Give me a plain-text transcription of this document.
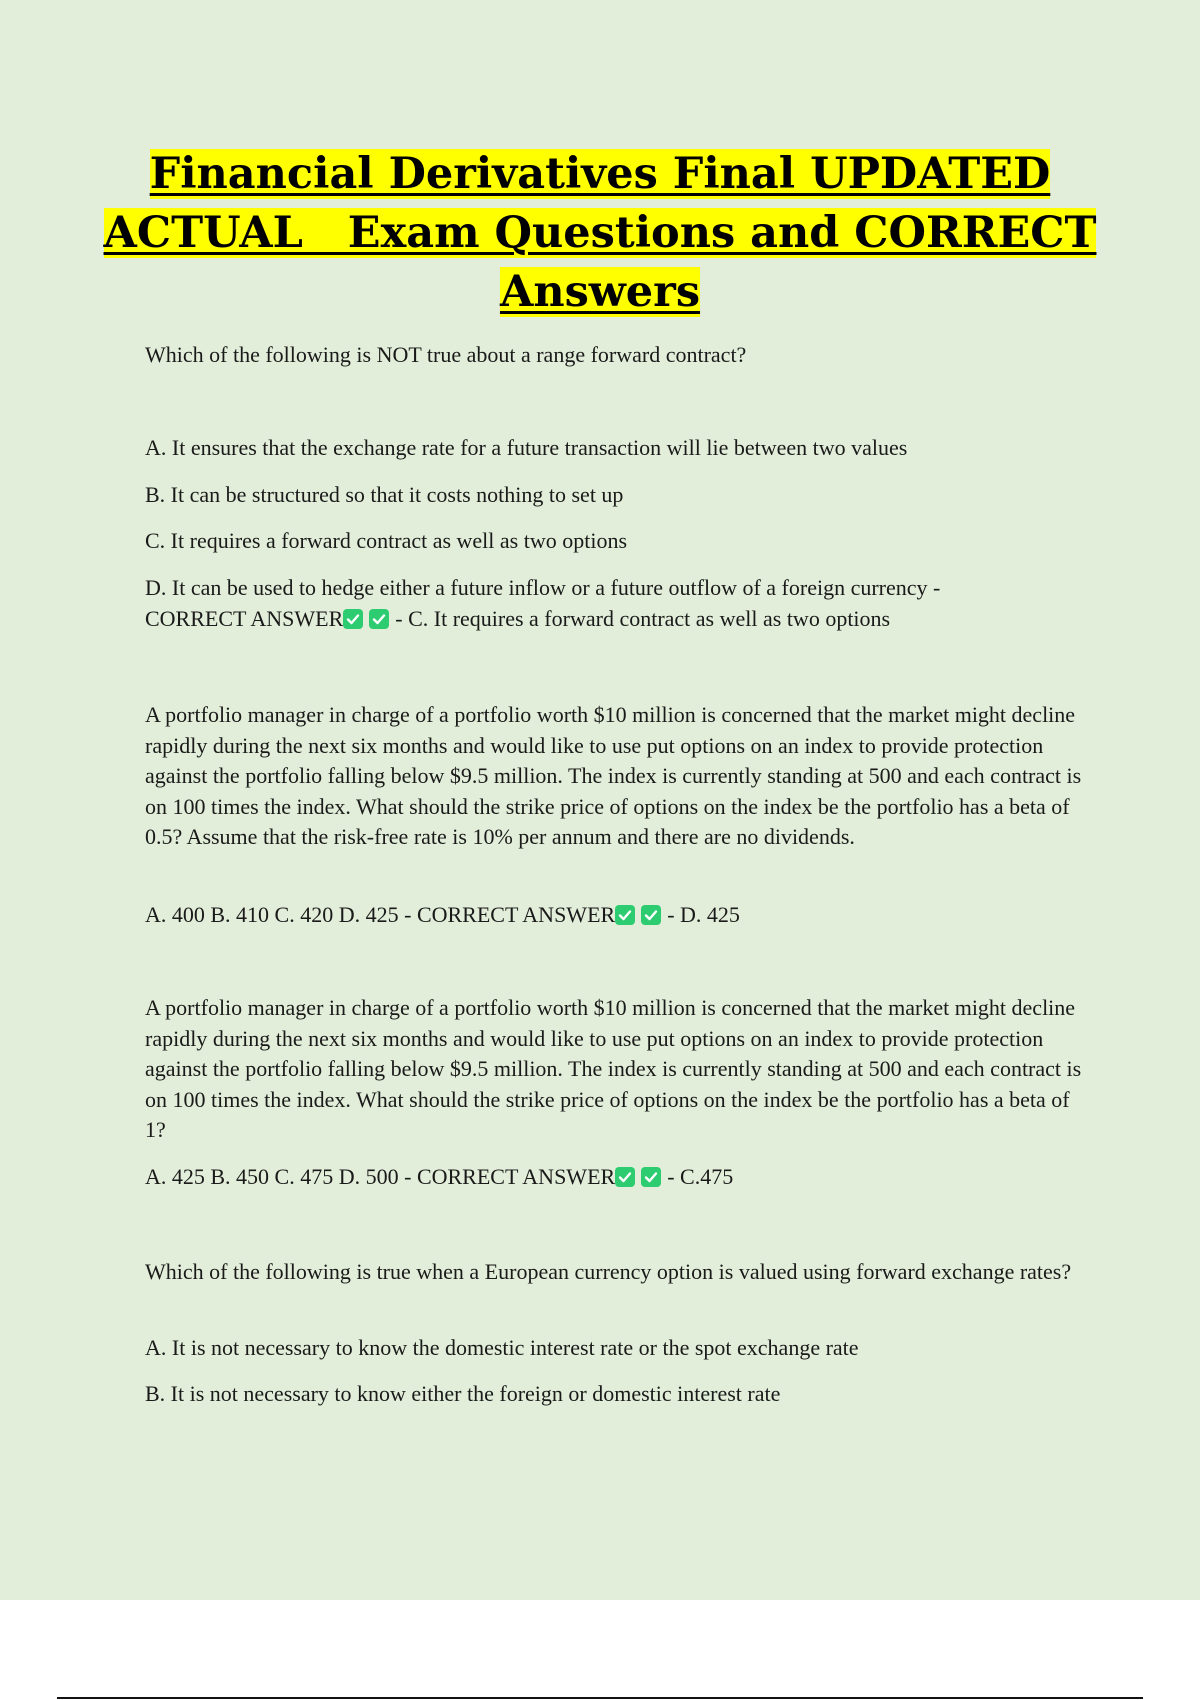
Financial Derivatives Final UPDATED
ACTUAL   Exam Questions and CORRECT
Answers

Which of the following is NOT true about a range forward contract?

A. It ensures that the exchange rate for a future transaction will lie between two values

B. It can be structured so that it costs nothing to set up

C. It requires a forward contract as well as two options

D. It can be used to hedge either a future inflow or a future outflow of a foreign currency -
CORRECT ANSWER - C. It requires a forward contract as well as two options

A portfolio manager in charge of a portfolio worth $10 million is concerned that the market might decline rapidly during the next six months and would like to use put options on an index to provide protection against the portfolio falling below $9.5 million. The index is currently standing at 500 and each contract is on 100 times the index. What should the strike price of options on the index be the portfolio has a beta of 0.5? Assume that the risk-free rate is 10% per annum and there are no dividends.

A. 400 B. 410 C. 420 D. 425 - CORRECT ANSWER - D. 425

A portfolio manager in charge of a portfolio worth $10 million is concerned that the market might decline rapidly during the next six months and would like to use put options on an index to provide protection against the portfolio falling below $9.5 million. The index is currently standing at 500 and each contract is on 100 times the index. What should the strike price of options on the index be the portfolio has a beta of 1?

A. 425 B. 450 C. 475 D. 500 - CORRECT ANSWER - C.475

Which of the following is true when a European currency option is valued using forward exchange rates?

A. It is not necessary to know the domestic interest rate or the spot exchange rate

B. It is not necessary to know either the foreign or domestic interest rate
